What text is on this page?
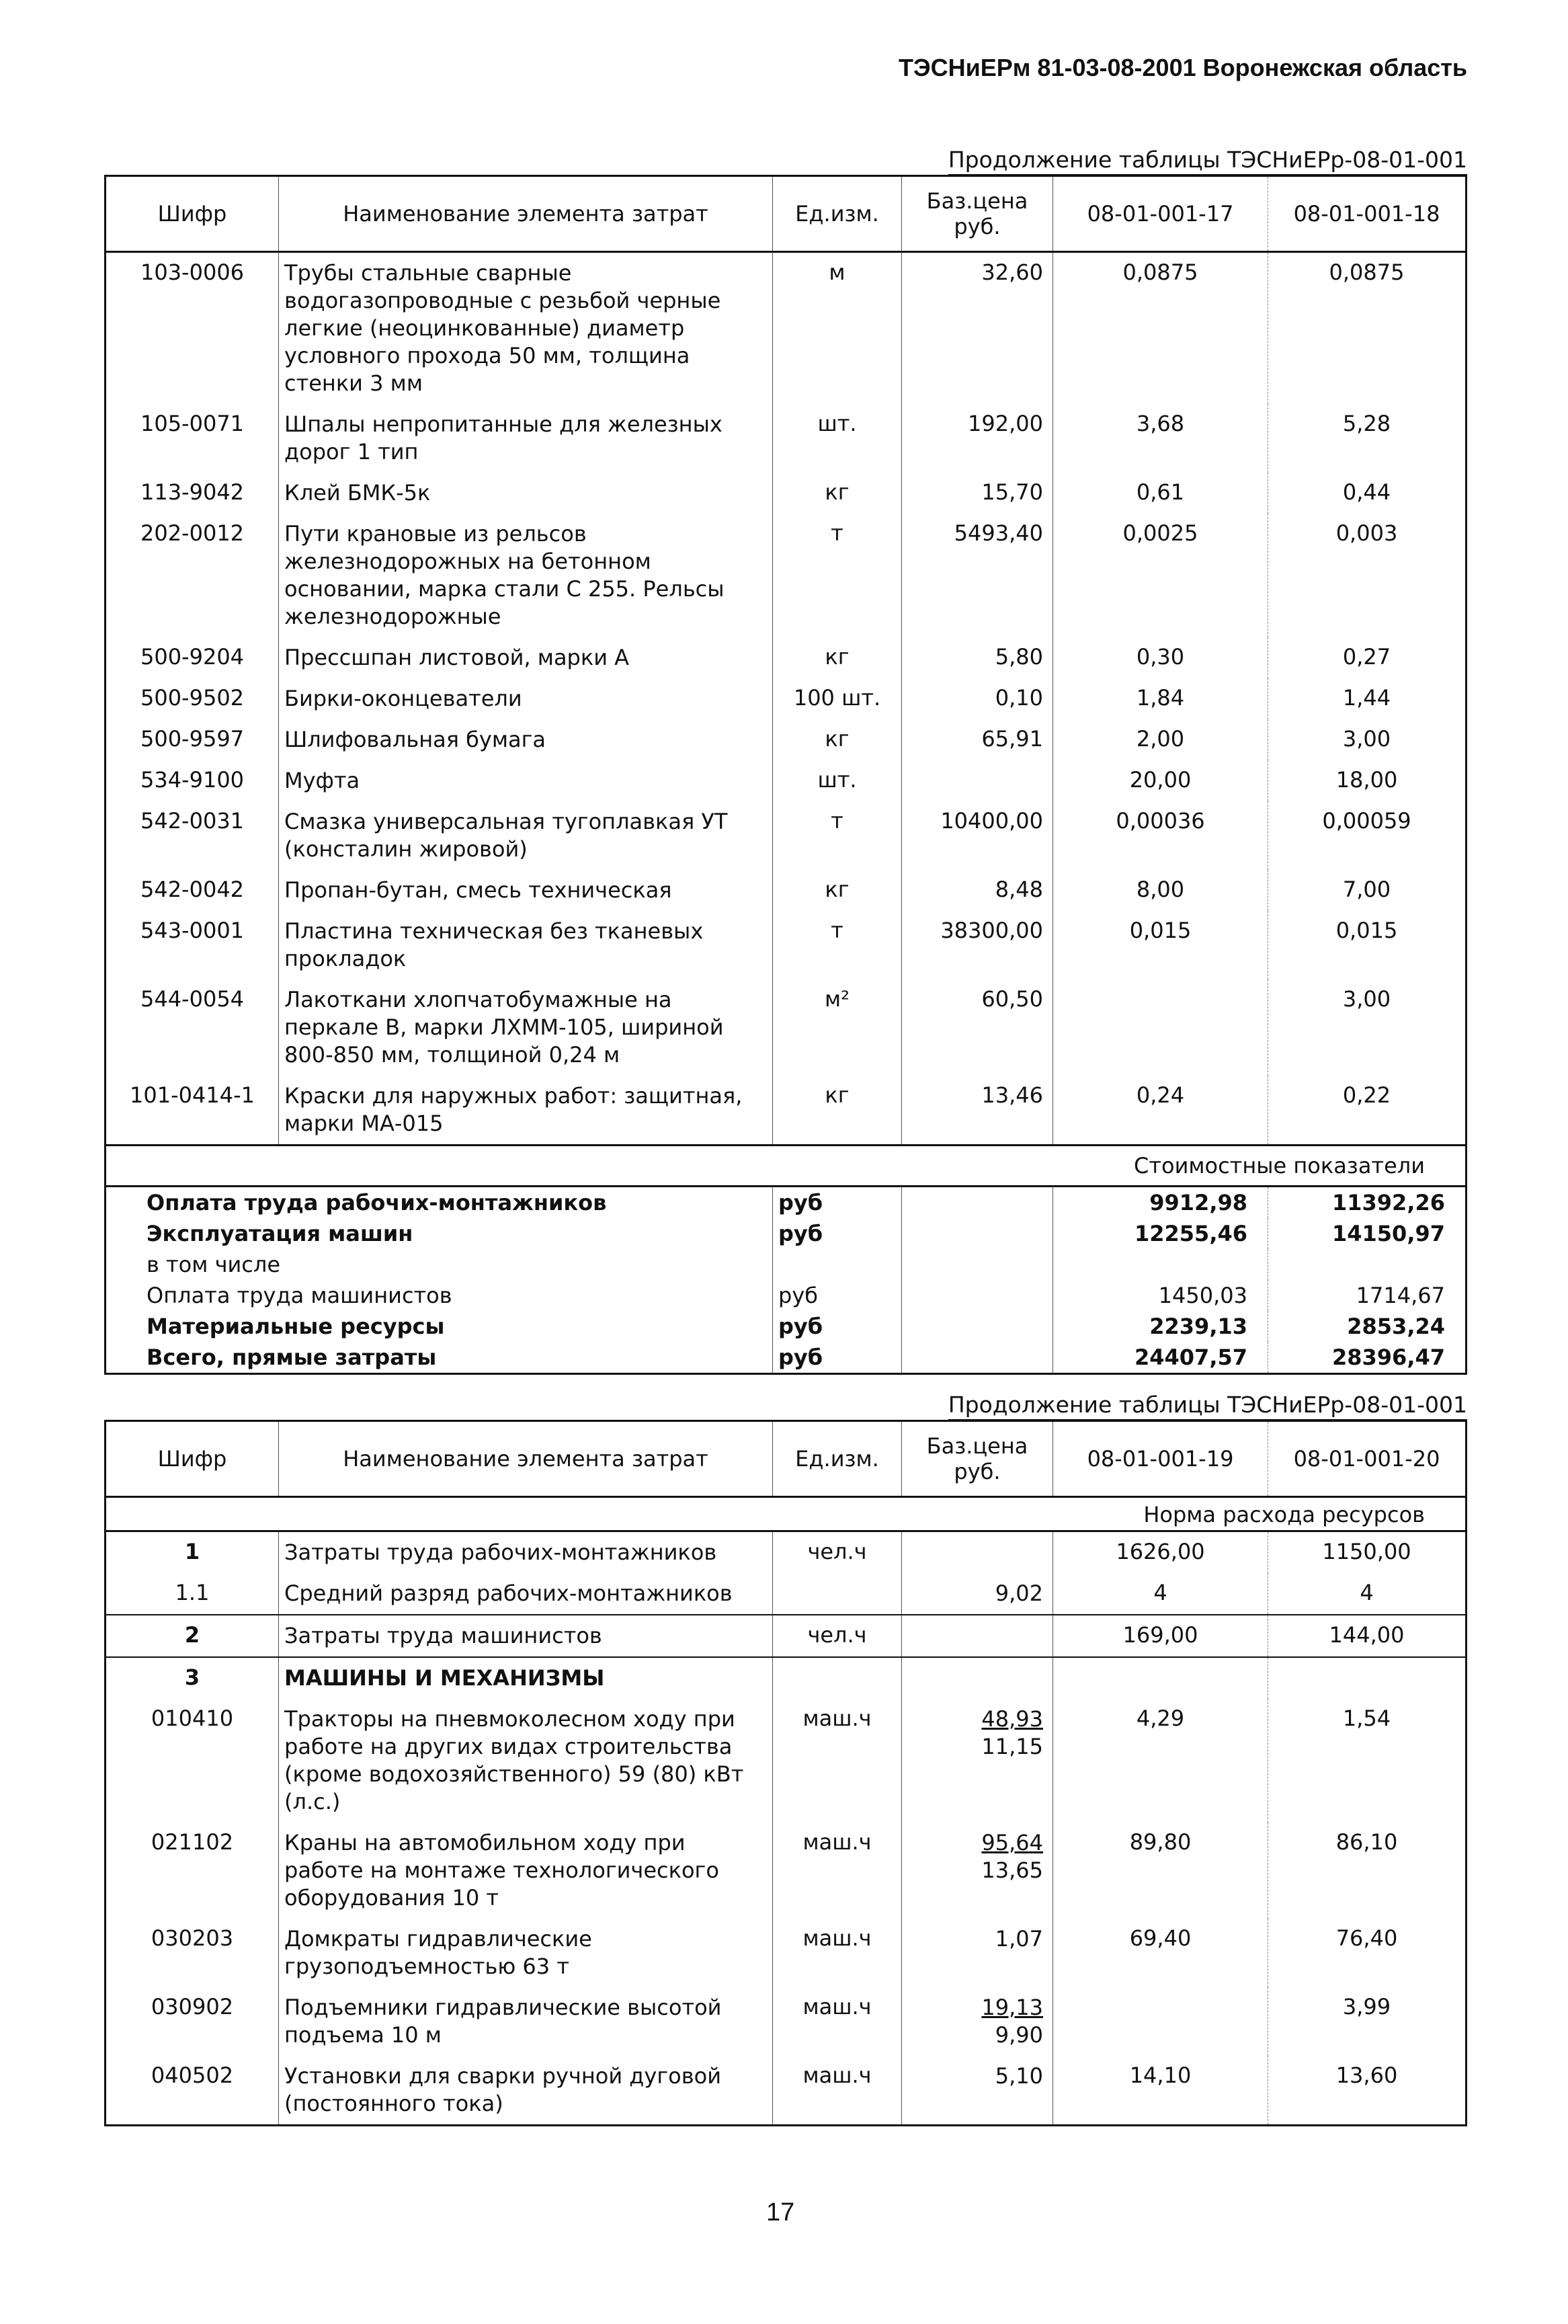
ТЭСНиЕРм 81-03-08-2001 Воронежская область
Продолжение таблицы ТЭСНиЕРр-08-01-001
Шифр	Наименование элемента затрат	Ед.изм.	Баз.цена руб.	08-01-001-17	08-01-001-18
103-0006	Трубы стальные сварные водогазопроводные с резьбой черные легкие (неоцинкованные) диаметр условного прохода 50 мм, толщина стенки 3 мм	м	32,60	0,0875	0,0875
105-0071	Шпалы непропитанные для железных дорог 1 тип	шт.	192,00	3,68	5,28
113-9042	Клей БМК-5к	кг	15,70	0,61	0,44
202-0012	Пути крановые из рельсов железнодорожных на бетонном основании, марка стали С 255. Рельсы железнодорожные	т	5493,40	0,0025	0,003
500-9204	Прессшпан листовой, марки А	кг	5,80	0,30	0,27
500-9502	Бирки-оконцеватели	100 шт.	0,10	1,84	1,44
500-9597	Шлифовальная бумага	кг	65,91	2,00	3,00
534-9100	Муфта	шт.		20,00	18,00
542-0031	Смазка универсальная тугоплавкая УТ (консталин жировой)	т	10400,00	0,00036	0,00059
542-0042	Пропан-бутан, смесь техническая	кг	8,48	8,00	7,00
543-0001	Пластина техническая без тканевых прокладок	т	38300,00	0,015	0,015
544-0054	Лакоткани хлопчатобумажные на перкале В, марки ЛХММ-105, шириной 800-850 мм, толщиной 0,24 м	м²	60,50		3,00
101-0414-1	Краски для наружных работ: защитная, марки МА-015	кг	13,46	0,24	0,22
Стоимостные показатели					
Оплата труда рабочих-монтажников		руб		9912,98	11392,26
Эксплуатация машин		руб		12255,46	14150,97
в том числе					
Оплата труда машинистов		руб		1450,03	1714,67
Материальные ресурсы		руб		2239,13	2853,24
Всего, прямые затраты		руб		24407,57	28396,47
Продолжение таблицы ТЭСНиЕРр-08-01-001
Шифр	Наименование элемента затрат	Ед.изм.	Баз.цена руб.	08-01-001-19	08-01-001-20
Норма расхода ресурсов					
1	Затраты труда рабочих-монтажников	чел.ч		1626,00	1150,00
1.1	Средний разряд рабочих-монтажников		9,02	4	4
2	Затраты труда машинистов	чел.ч		169,00	144,00
3	МАШИНЫ И МЕХАНИЗМЫ		

010410	Тракторы на пневмоколесном ходу при работе на других видах строительства (кроме водохозяйственного) 59 (80) кВт (л.с.)	маш.ч	$\frac{48,93}{11,15}$	4,29	1,54
021102	Краны на автомобильном ходу при работе на монтаже технологического оборудования 10 т	маш.ч	$\frac{95,64}{13,65}$	89,80	86,10
030203	Домкраты гидравлические грузоподъемностью 63 т	маш.ч	1,07	69,40	76,40
030902	Подъемники гидравлические высотой подъема 10 м	маш.ч	$\frac{19,13}{9,90}$		3,99
040502	Установки для сварки ручной дуговой (постоянного тока)	маш.ч	5,10	14,10	13,60
17
